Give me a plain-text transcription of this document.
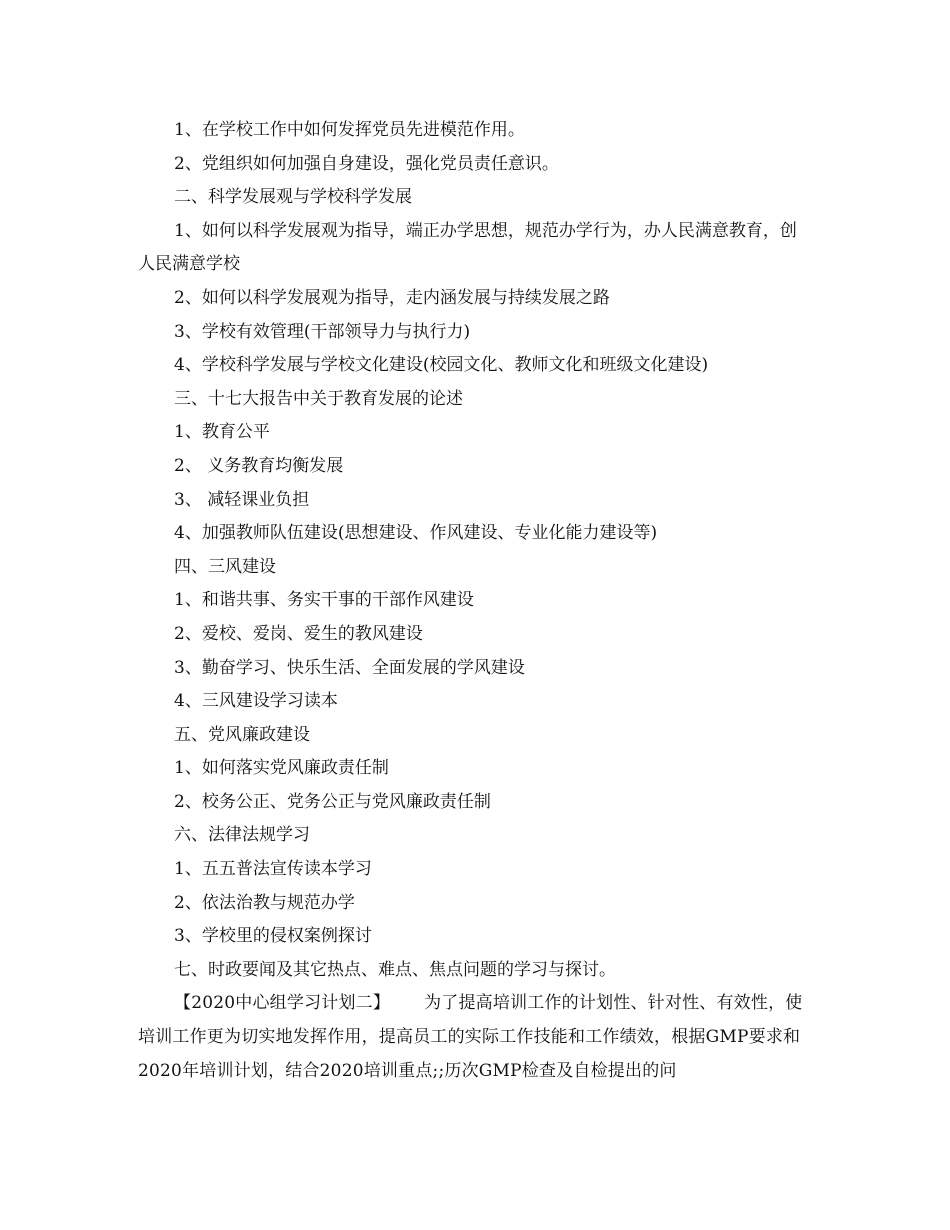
1、在学校工作中如何发挥党员先进模范作用。

2、党组织如何加强自身建设，强化党员责任意识。

二、科学发展观与学校科学发展

1、如何以科学发展观为指导，端正办学思想，规范办学行为，办人民满意教育，创人民满意学校

2、如何以科学发展观为指导，走内涵发展与持续发展之路

3、学校有效管理(干部领导力与执行力)

4、学校科学发展与学校文化建设(校园文化、教师文化和班级文化建设)

三、十七大报告中关于教育发展的论述

1、教育公平

2、 义务教育均衡发展

3、 减轻课业负担

4、加强教师队伍建设(思想建设、作风建设、专业化能力建设等)

四、三风建设

1、和谐共事、务实干事的干部作风建设

2、爱校、爱岗、爱生的教风建设

3、勤奋学习、快乐生活、全面发展的学风建设

4、三风建设学习读本

五、党风廉政建设

1、如何落实党风廉政责任制

2、校务公正、党务公正与党风廉政责任制

六、法律法规学习

1、五五普法宣传读本学习

2、依法治教与规范办学

3、学校里的侵权案例探讨

七、时政要闻及其它热点、难点、焦点问题的学习与探讨。

【2020中心组学习计划二】 为了提高培训工作的计划性、针对性、有效性，使培训工作更为切实地发挥作用，提高员工的实际工作技能和工作绩效，根据GMP要求和2020年培训计划，结合2020培训重点;;历次GMP检查及自检提出的问
